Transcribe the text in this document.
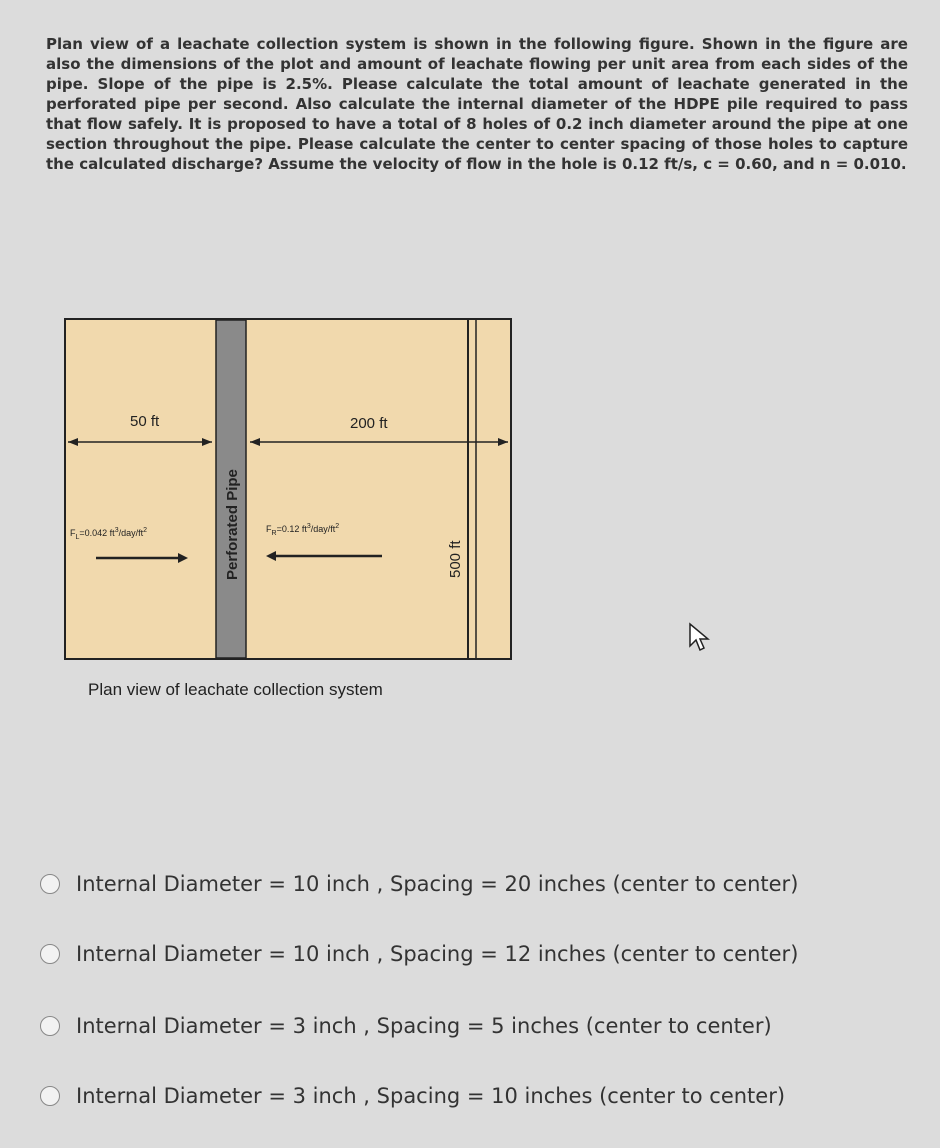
Plan view of a leachate collection system is shown in the following figure. Shown in the figure are also the dimensions of the plot and amount of leachate flowing per unit area from each sides of the pipe. Slope of the pipe is 2.5%. Please calculate the total amount of leachate generated in the perforated pipe per second. Also calculate the internal diameter of the HDPE pile required to pass that flow safely. It is proposed to have a total of 8 holes of 0.2 inch diameter around the pipe at one section throughout the pipe. Please calculate the center to center spacing of those holes to capture the calculated discharge? Assume the velocity of flow in the hole is 0.12 ft/s, c = 0.60, and n = 0.010.
50 ft	200 ft
$F_L=0.042$ $ft^3/day/ft^2$	$F_R=0.12$ $ft^3/day/ft^2$
Perforated Pipe	500 ft
Plan view of leachate collection system
Internal Diameter = 10 inch , Spacing = 20 inches (center to center)
Internal Diameter = 10 inch , Spacing = 12 inches (center to center)
Internal Diameter = 3 inch , Spacing = 5 inches (center to center)
Internal Diameter = 3 inch , Spacing = 10 inches (center to center)
